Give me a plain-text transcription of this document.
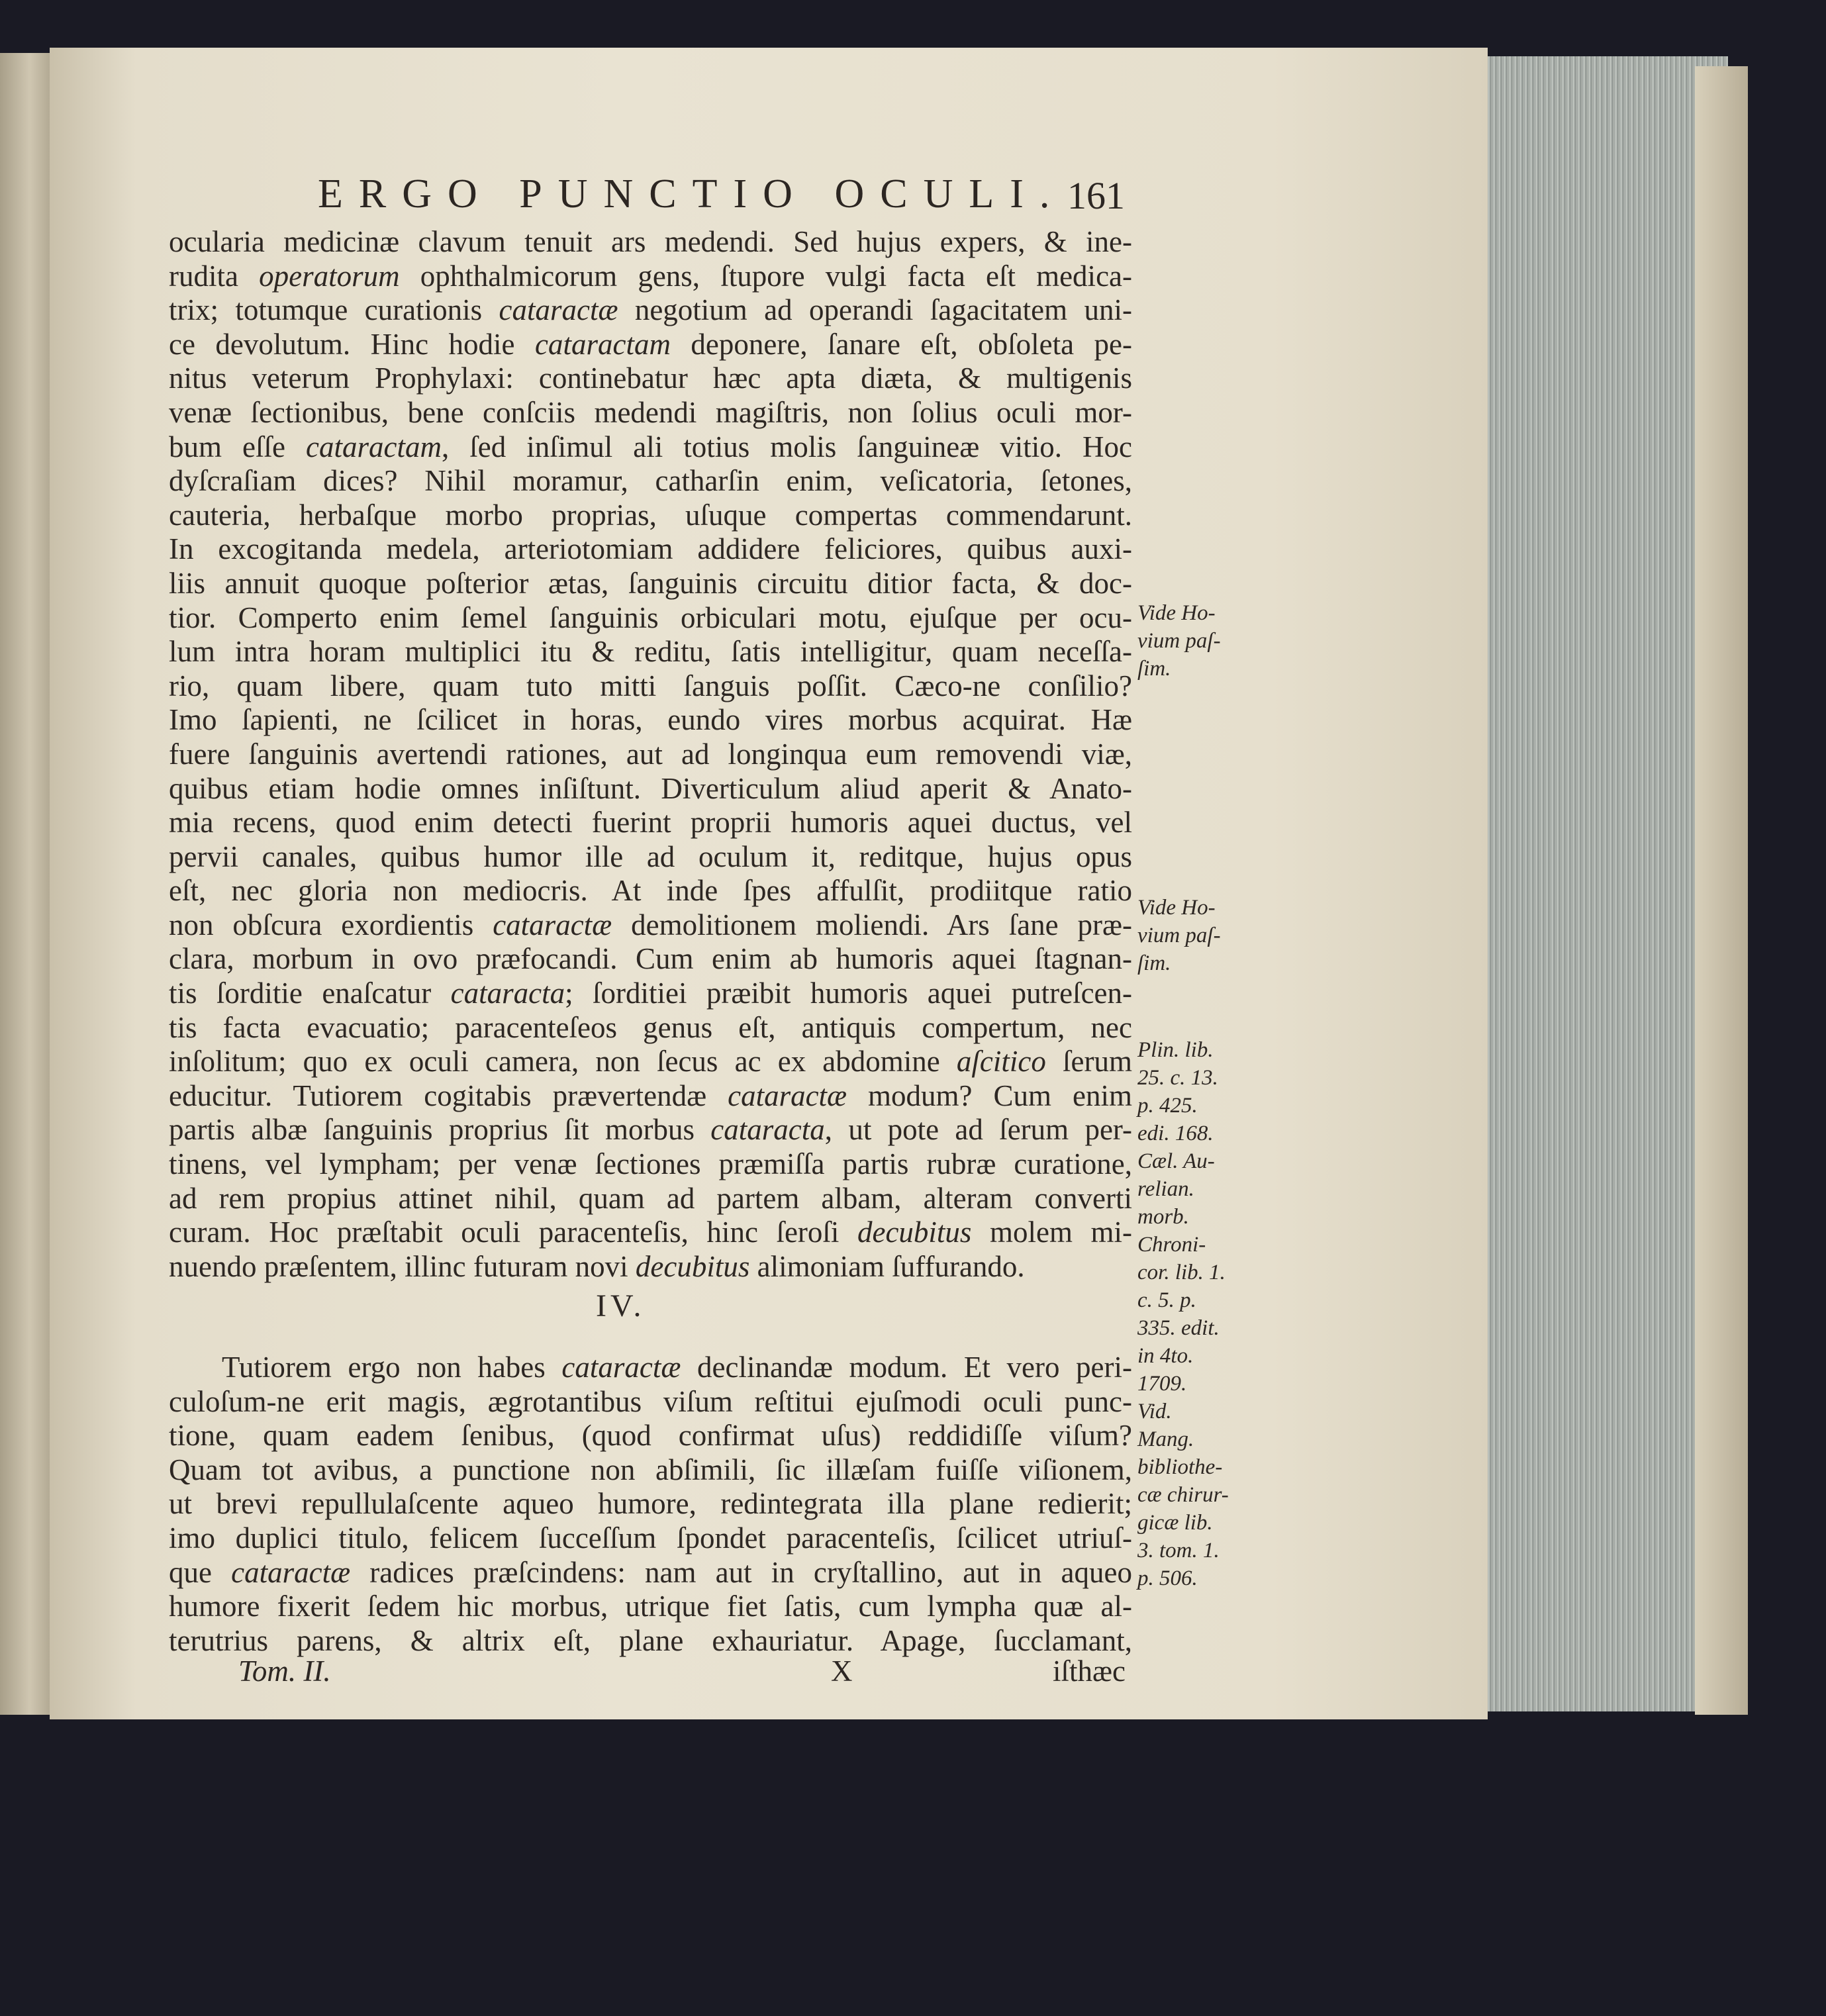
ERGO PUNCTIO OCULI. 161
ocularia medicinæ clavum tenuit ars medendi. Sed hujus expers, & ine-
rudita operatorum ophthalmicorum gens, ſtupore vulgi facta eſt medica-
trix; totumque curationis cataractæ negotium ad operandi ſagacitatem uni-
ce devolutum. Hinc hodie cataractam deponere, ſanare eſt, obſoleta pe-
nitus veterum Prophylaxi: continebatur hæc apta diæta, & multigenis
venæ ſectionibus, bene conſciis medendi magiſtris, non ſolius oculi mor-
bum eſſe cataractam, ſed inſimul ali totius molis ſanguineæ vitio. Hoc
dyſcraſiam dices? Nihil moramur, catharſin enim, veſicatoria, ſetones,
cauteria, herbaſque morbo proprias, uſuque compertas commendarunt.
In excogitanda medela, arteriotomiam addidere feliciores, quibus auxi-
liis annuit quoque poſterior ætas, ſanguinis circuitu ditior facta, & doc-
tior. Comperto enim ſemel ſanguinis orbiculari motu, ejuſque per ocu-
lum intra horam multiplici itu & reditu, ſatis intelligitur, quam neceſſa-
rio, quam libere, quam tuto mitti ſanguis poſſit. Cæco-ne conſilio?
Imo ſapienti, ne ſcilicet in horas, eundo vires morbus acquirat. Hæ
fuere ſanguinis avertendi rationes, aut ad longinqua eum removendi viæ,
quibus etiam hodie omnes inſiſtunt. Diverticulum aliud aperit & Anato-
mia recens, quod enim detecti fuerint proprii humoris aquei ductus, vel
pervii canales, quibus humor ille ad oculum it, reditque, hujus opus
eſt, nec gloria non mediocris. At inde ſpes affulſit, prodiitque ratio
non obſcura exordientis cataractæ demolitionem moliendi. Ars ſane præ-
clara, morbum in ovo præfocandi. Cum enim ab humoris aquei ſtagnan-
tis ſorditie enaſcatur cataracta; ſorditiei præibit humoris aquei putreſcen-
tis facta evacuatio; paracenteſeos genus eſt, antiquis compertum, nec
inſolitum; quo ex oculi camera, non ſecus ac ex abdomine aſcitico ſerum
educitur. Tutiorem cogitabis prævertendæ cataractæ modum? Cum enim
partis albæ ſanguinis proprius ſit morbus cataracta, ut pote ad ſerum per-
tinens, vel lympham; per venæ ſectiones præmiſſa partis rubræ curatione,
ad rem propius attinet nihil, quam ad partem albam, alteram converti
curam. Hoc præſtabit oculi paracenteſis, hinc ſeroſi decubitus molem mi-
nuendo præſentem, illinc futuram novi decubitus alimoniam ſuffurando.
IV.
Tutiorem ergo non habes cataractæ declinandæ modum. Et vero peri-
culoſum-ne erit magis, ægrotantibus viſum reſtitui ejuſmodi oculi punc-
tione, quam eadem ſenibus, (quod confirmat uſus) reddidiſſe viſum?
Quam tot avibus, a punctione non abſimili, ſic illæſam fuiſſe viſionem,
ut brevi repullulaſcente aqueo humore, redintegrata illa plane redierit;
imo duplici titulo, felicem ſucceſſum ſpondet paracenteſis, ſcilicet utriuſ-
que cataractæ radices præſcindens: nam aut in cryſtallino, aut in aqueo
humore fixerit ſedem hic morbus, utrique fiet ſatis, cum lympha quæ al-
terutrius parens, & altrix eſt, plane exhauriatur. Apage, ſucclamant,
Vide Ho-
vium paſ-
ſim.
Vide Ho-
vium paſ-
ſim.
Plin. lib.
25. c. 13.
p. 425.
edi. 168.
Cæl. Au-
relian.
morb.
Chroni-
cor. lib. 1.
c. 5. p.
335. edit.
in 4to.
1709.
Vid.
Mang.
bibliothe-
cæ chirur-
gicæ lib.
3. tom. 1.
p. 506.
Tom. II.	X	iſthæc
